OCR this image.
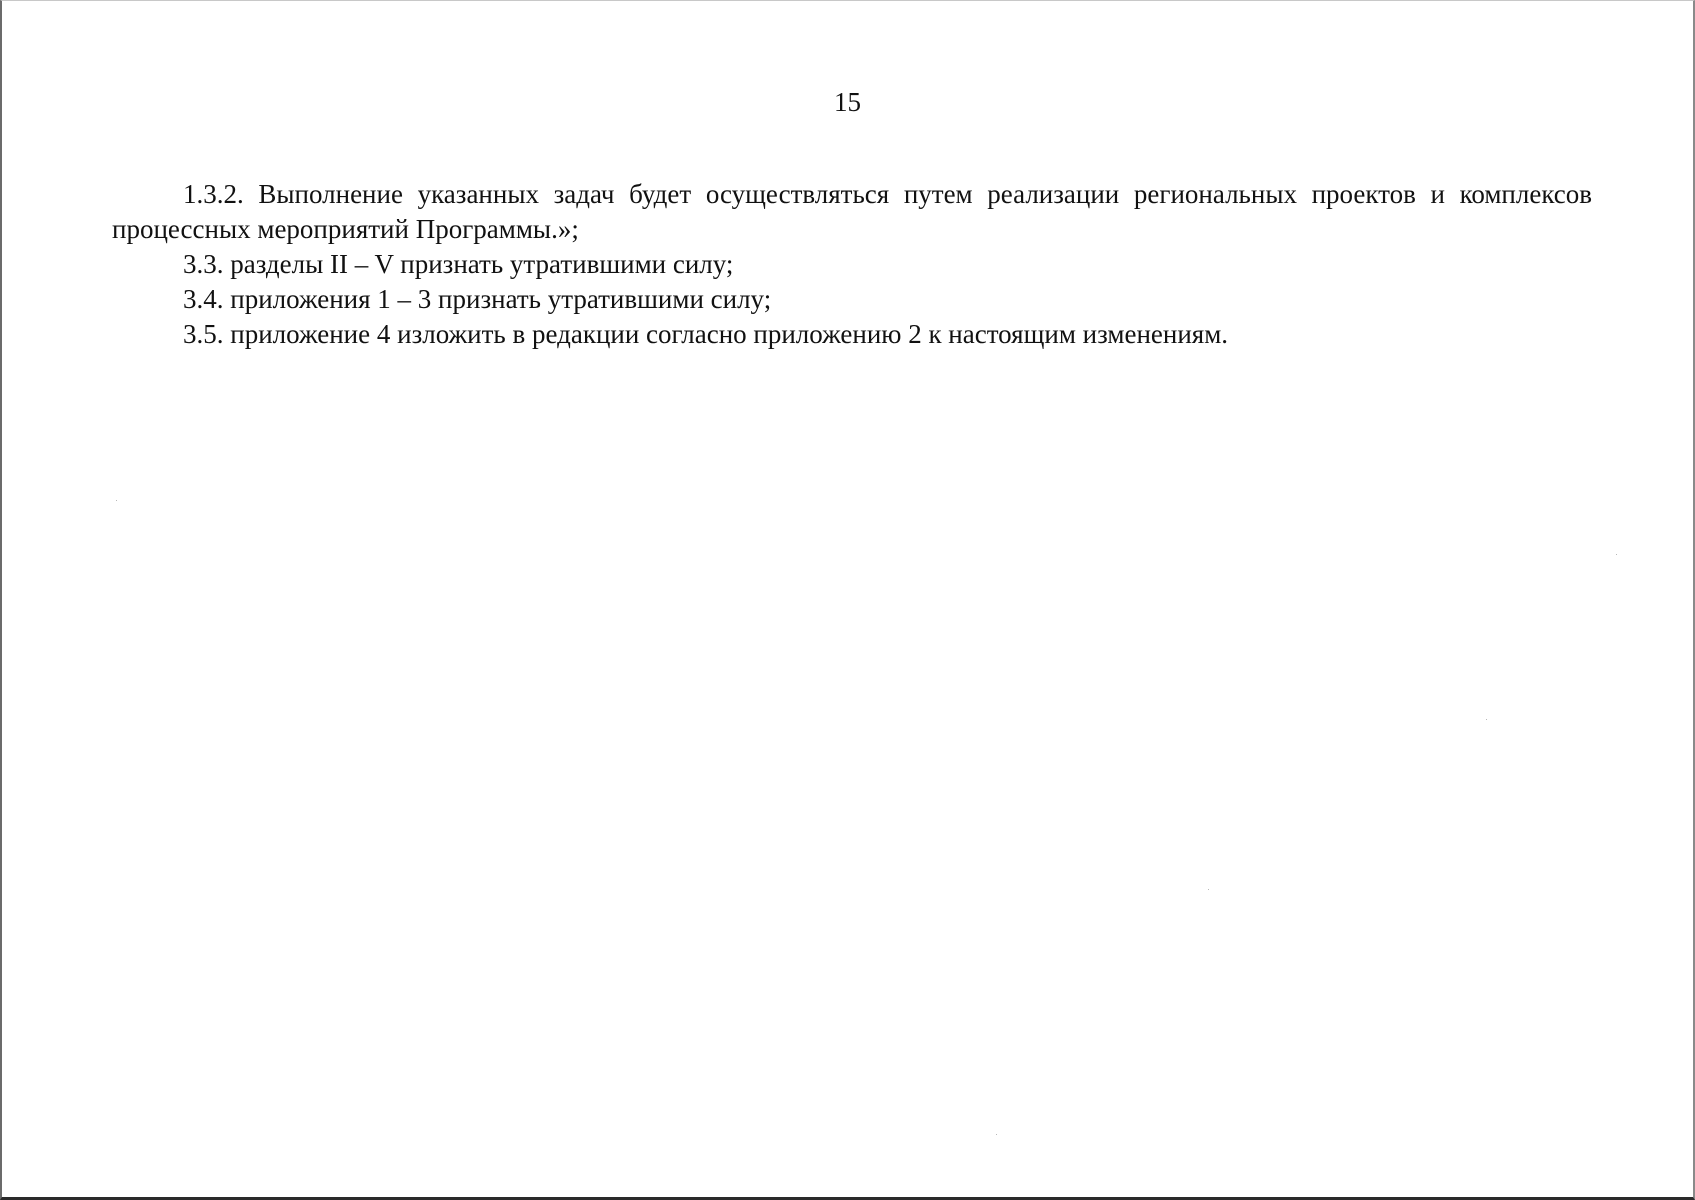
15

1.3.2. Выполнение указанных задач будет осуществляться путем реализации региональных проектов и комплексов процессных мероприятий Программы.»;

3.3. разделы II – V признать утратившими силу;

3.4. приложения 1 – 3 признать утратившими силу;

3.5. приложение 4 изложить в редакции согласно приложению 2 к настоящим изменениям.
